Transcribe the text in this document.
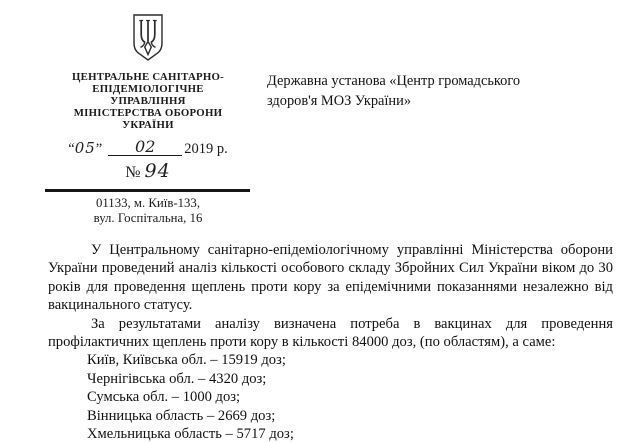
ЦЕНТРАЛЬНЕ САНІТАРНО-
ЕПІДЕМІОЛОГІЧНЕ
УПРАВЛІННЯ
МІНІСТЕРСТВА ОБОРОНИ
УКРАЇНИ
“05” 02 2019 р.
№ 94
01133, м. Київ-133,
вул. Госпітальна, 16
Державна установа «Центр громадського
здоров'я МОЗ України»

У Центральному санітарно-епідеміологічному управлінні Міністерства оборони України проведений аналіз кількості особового складу Збройних Сил України віком до 30 років для проведення щеплень проти кору за епідемічними показаннями незалежно від вакцинального статусу.

За результатами аналізу визначена потреба в вакцинах для проведення профілактичних щеплень проти кору в кількості 84000 доз, (по областям), а саме:

Київ, Київська обл. – 15919 доз;
Чернігівська обл. – 4320 доз;
Сумська обл. – 1000 доз;
Вінницька область – 2669 доз;
Хмельницька область – 5717 доз;
